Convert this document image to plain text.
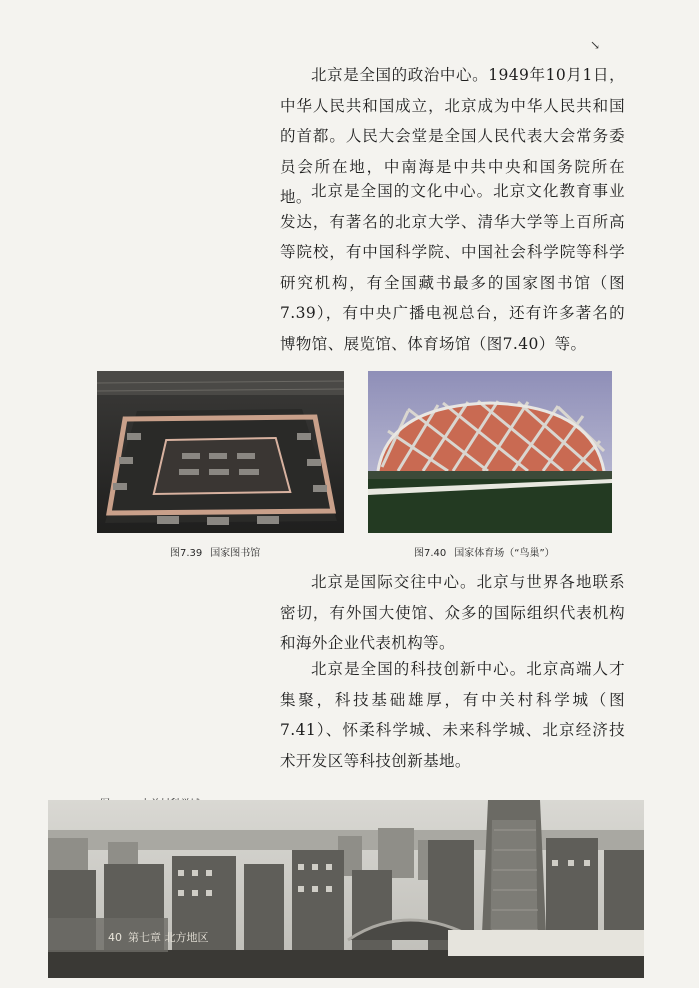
↘

北京是全国的政治中心。1949年10月1日，中华人民共和国成立，北京成为中华人民共和国的首都。人民大会堂是全国人民代表大会常务委员会所在地，中南海是中共中央和国务院所在地。 北京是全国的文化中心。北京文化教育事业发达，有著名的北京大学、清华大学等上百所高等院校，有中国科学院、中国社会科学院等科学研究机构，有全国藏书最多的国家图书馆（图7.39），有中央广播电视总台，还有许多著名的博物馆、展览馆、体育场馆（图7.40）等。

图7.39 国家图书馆	图7.40 国家体育场（“鸟巢”）

北京是国际交往中心。北京与世界各地联系密切，有外国大使馆、众多的国际组织代表机构和海外企业代表机构等。

北京是全国的科技创新中心。北京高端人才集聚，科技基础雄厚，有中关村科学城（图7.41）、怀柔科学城、未来科学城、北京经济技术开发区等科技创新基地。

40 第七章 北方地区
